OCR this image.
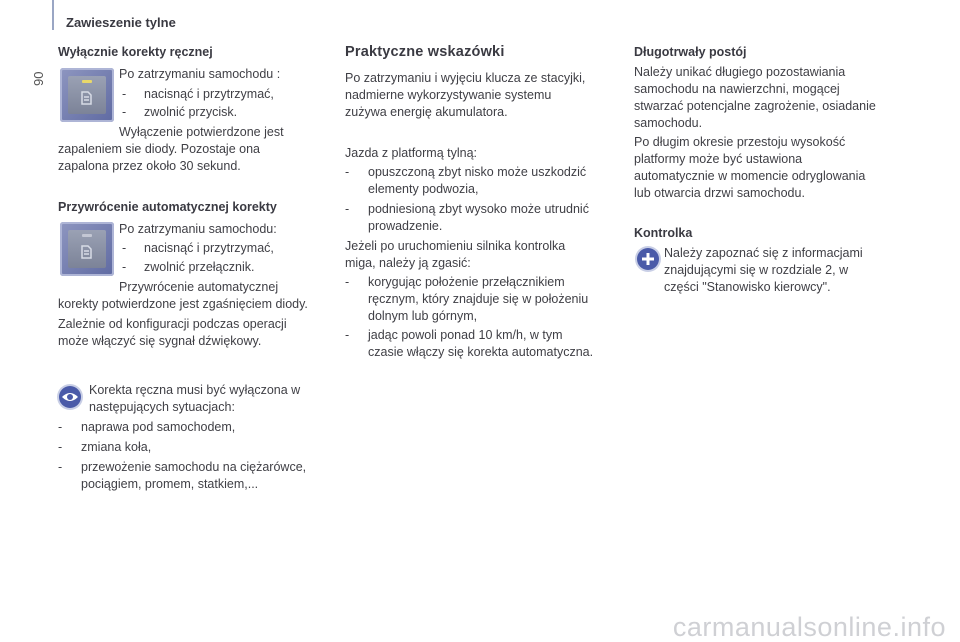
Zawieszenie tylne
90
Wyłącznie korekty ręcznej

Po zatrzymaniu samochodu :

- nacisnąć i przytrzymać,
- zwolnić przycisk.

Wyłączenie potwierdzone jest

zapaleniem sie diody. Pozostaje ona

zapalona przez około 30 sekund.

Przywrócenie automatycznej korekty

Po zatrzymaniu samochodu:

- nacisnąć i przytrzymać,
- zwolnić przełącznik.

Przywrócenie automatycznej

korekty potwierdzone jest zgaśnięciem diody.

Zależnie od konfiguracji podczas operacji

może włączyć się sygnał dźwiękowy.

Korekta ręczna musi być wyłączona w

następujących sytuacjach:

- naprawa pod samochodem,
- zmiana koła,
- przewożenie samochodu na ciężarówce,

pociągiem, promem, statkiem,...

Praktyczne wskazówki

Po zatrzymaniu i wyjęciu klucza ze stacyjki,

nadmierne wykorzystywanie systemu

zużywa energię akumulatora.

Jazda z platformą tylną:

- opuszczoną zbyt nisko może uszkodzić

elementy podwozia,

- podniesioną zbyt wysoko może utrudnić

prowadzenie.

Jeżeli po uruchomieniu silnika kontrolka

miga, należy ją zgasić:

- korygując położenie przełącznikiem

ręcznym, który znajduje się w położeniu

dolnym lub górnym,

- jadąc powoli ponad 10 km/h, w tym

czasie włączy się korekta automatyczna.

Długotrwały postój

Należy unikać długiego pozostawiania

samochodu na nawierzchni, mogącej

stwarzać potencjalne zagrożenie, osiadanie

samochodu.

Po długim okresie przestoju wysokość

platformy może być ustawiona

automatycznie w momencie odryglowania

lub otwarcia drzwi samochodu.

Kontrolka

Należy zapoznać się z informacjami

znajdującymi się w rozdziale 2, w

części "Stanowisko kierowcy".

carmanualsonline.info
